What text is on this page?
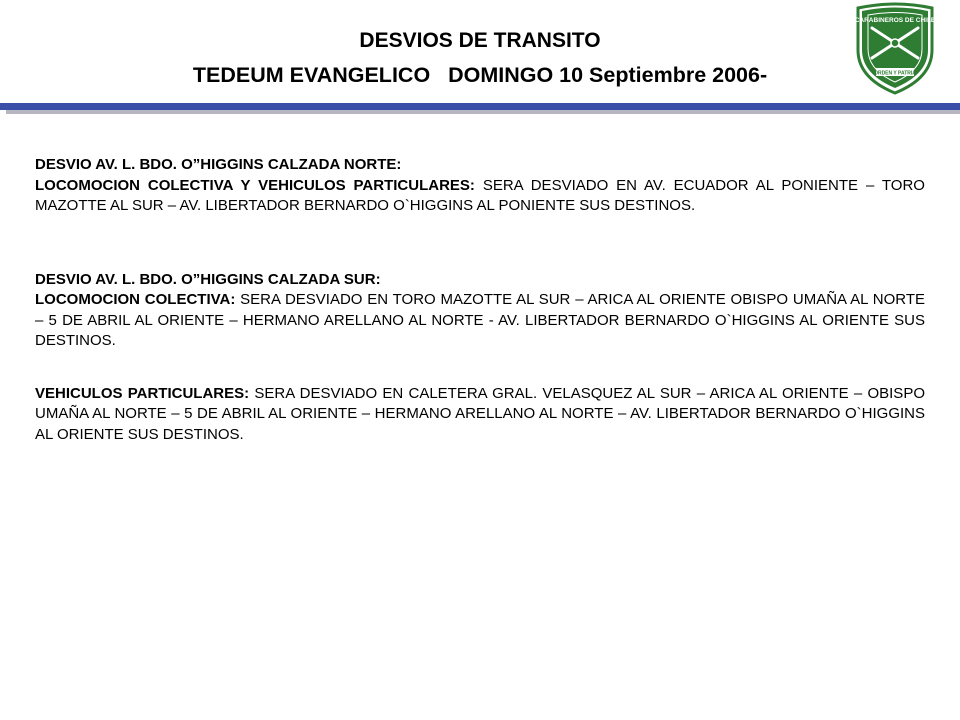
DESVIOS DE TRANSITO
TEDEUM EVANGELICO   DOMINGO 10 Septiembre 2006-
CARABINEROS DE CHILE
ORDEN Y PATRIA

DESVIO AV. L. BDO. O”HIGGINS CALZADA NORTE:

LOCOMOCION COLECTIVA Y VEHICULOS PARTICULARES: SERA DESVIADO EN AV. ECUADOR AL PONIENTE – TORO MAZOTTE AL SUR – AV. LIBERTADOR BERNARDO O`HIGGINS AL PONIENTE SUS DESTINOS.

DESVIO AV. L. BDO. O”HIGGINS CALZADA SUR:

LOCOMOCION COLECTIVA: SERA DESVIADO EN TORO MAZOTTE AL SUR – ARICA AL ORIENTE OBISPO UMAÑA AL NORTE – 5 DE ABRIL AL ORIENTE – HERMANO ARELLANO AL NORTE - AV. LIBERTADOR BERNARDO O`HIGGINS AL ORIENTE SUS DESTINOS.

VEHICULOS PARTICULARES: SERA DESVIADO EN CALETERA GRAL. VELASQUEZ AL SUR – ARICA AL ORIENTE – OBISPO UMAÑA AL NORTE – 5 DE ABRIL AL ORIENTE – HERMANO ARELLANO AL NORTE – AV. LIBERTADOR BERNARDO O`HIGGINS AL ORIENTE SUS DESTINOS.
